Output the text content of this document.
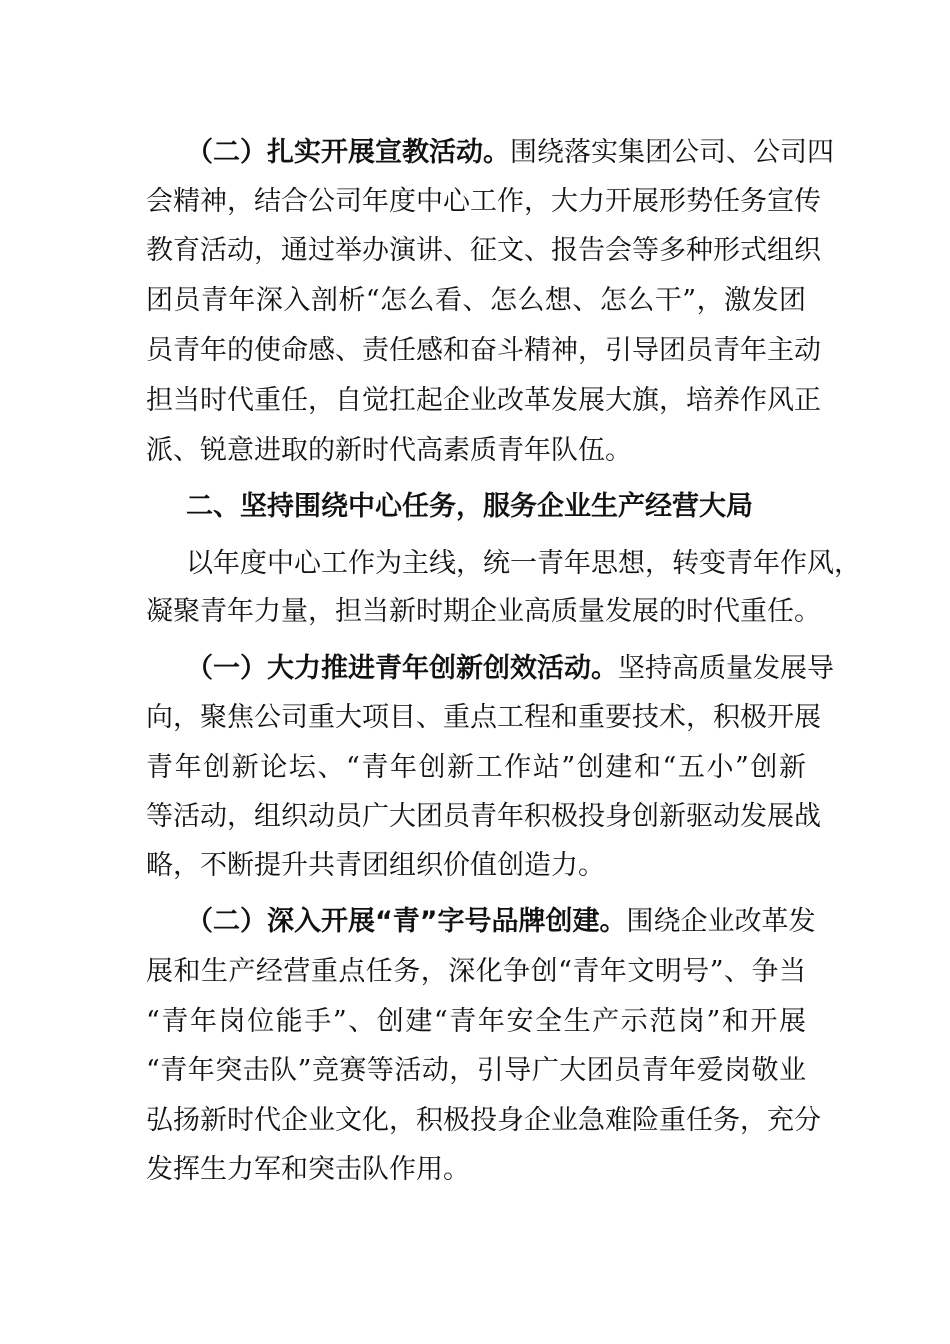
（二）扎实开展宣教活动。围绕落实集团公司、公司四
会精神，结合公司年度中心工作，大力开展形势任务宣传
教育活动，通过举办演讲、征文、报告会等多种形式组织
团员青年深入剖析“怎么看、怎么想、怎么干”，激发团
员青年的使命感、责任感和奋斗精神，引导团员青年主动
担当时代重任，自觉扛起企业改革发展大旗，培养作风正
派、锐意进取的新时代高素质青年队伍。
二、坚持围绕中心任务，服务企业生产经营大局
以年度中心工作为主线，统一青年思想，转变青年作风，
凝聚青年力量，担当新时期企业高质量发展的时代重任。
（一）大力推进青年创新创效活动。坚持高质量发展导
向，聚焦公司重大项目、重点工程和重要技术，积极开展
青年创新论坛、“青年创新工作站”创建和“五小”创新
等活动，组织动员广大团员青年积极投身创新驱动发展战
略，不断提升共青团组织价值创造力。
（二）深入开展“青”字号品牌创建。围绕企业改革发
展和生产经营重点任务，深化争创“青年文明号”、争当
“青年岗位能手”、创建“青年安全生产示范岗”和开展
“青年突击队”竞赛等活动，引导广大团员青年爱岗敬业
弘扬新时代企业文化，积极投身企业急难险重任务，充分
发挥生力军和突击队作用。
